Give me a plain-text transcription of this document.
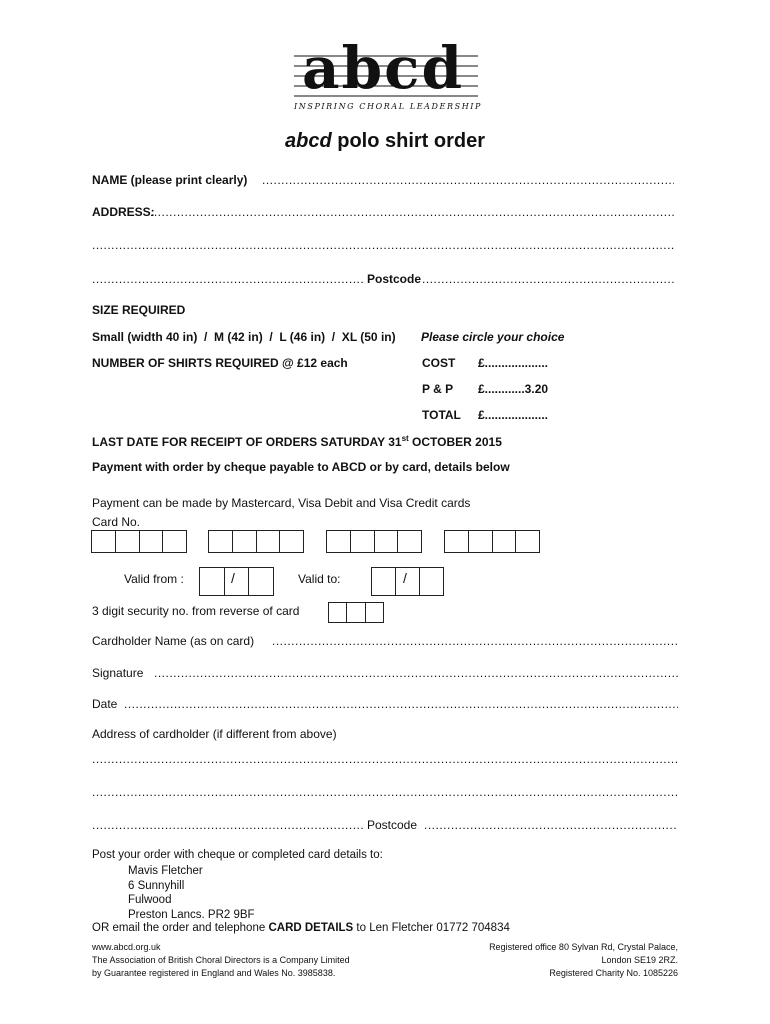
abcd
INSPIRING CHORAL LEADERSHIP
abcd polo shirt order
NAME (please print clearly)
.....
ADDRESS:
.....
.....
.....
Postcode
.....
SIZE REQUIRED
Small (width 40 in)  /  M (42 in)  /  L (46 in)  /  XL (50 in) Please circle your choice
NUMBER OF SHIRTS REQUIRED @ £12 each	COST £...................
P & P £............3.20
TOTAL £...................
LAST DATE FOR RECEIPT OF ORDERS SATURDAY 31st OCTOBER 2015
Payment with order by cheque payable to ABCD or by card, details below
Payment can be made by Mastercard, Visa Debit and Visa Credit cards
Card No.
Valid from :	/	Valid to:	/
3 digit security no. from reverse of card
Cardholder Name (as on card)
.....
Signature
.....
Date
.....
Address of cardholder (if different from above)
.....
.....
.....
Postcode
.....
Post your order with cheque or completed card details to:
Mavis Fletcher
6 Sunnyhill
Fulwood
Preston Lancs. PR2 9BF
OR email the order and telephone CARD DETAILS to Len Fletcher 01772 704834
www.abcd.org.uk
The Association of British Choral Directors is a Company Limited
by Guarantee registered in England and Wales No. 3985838.
Registered office 80 Sylvan Rd, Crystal Palace,
London SE19 2RZ.
Registered Charity No. 1085226
